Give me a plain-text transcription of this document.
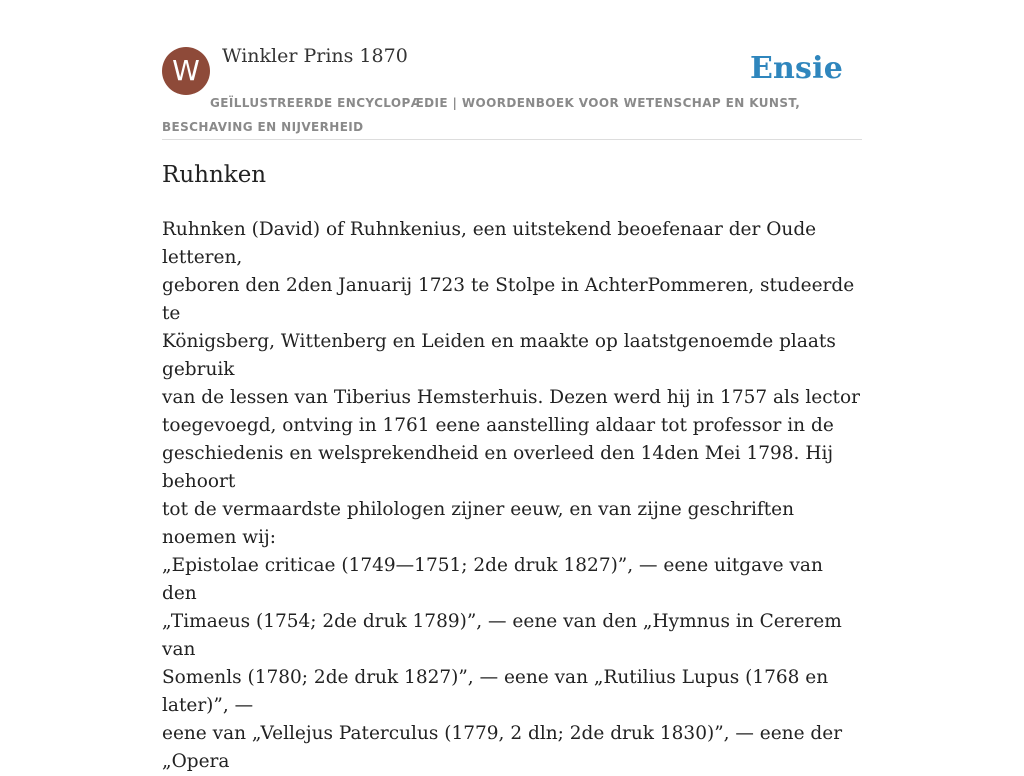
W	Winkler Prins 1870	Ensie
GEÏLLUSTREERDE ENCYCLOPÆDIE | WOORDENBOEK VOOR WETENSCHAP EN KUNST, BESCHAVING EN NIJVERHEID
Ruhnken

Ruhnken (David) of Ruhnkenius, een uitstekend beoefenaar der Oude letteren,
geboren den 2den Januarij 1723 te Stolpe in AchterPommeren, studeerde te
Königsberg, Wittenberg en Leiden en maakte op laatstgenoemde plaats gebruik
van de lessen van Tiberius Hemsterhuis. Dezen werd hij in 1757 als lector
toegevoegd, ontving in 1761 eene aanstelling aldaar tot professor in de
geschiedenis en welsprekendheid en overleed den 14den Mei 1798. Hij behoort
tot de vermaardste philologen zijner eeuw, en van zijne geschriften noemen wij:
„Epistolae criticae (1749—1751; 2de druk 1827)”, — eene uitgave van den
„Timaeus (1754; 2de druk 1789)”, — eene van den „Hymnus in Cererem van
Somenls (1780; 2de druk 1827)”, — eene van „Rutilius Lupus (1768 en later)”, —
eene van „Vellejus Paterculus (1779, 2 dln; 2de druk 1830)”, — eene der „Opera
